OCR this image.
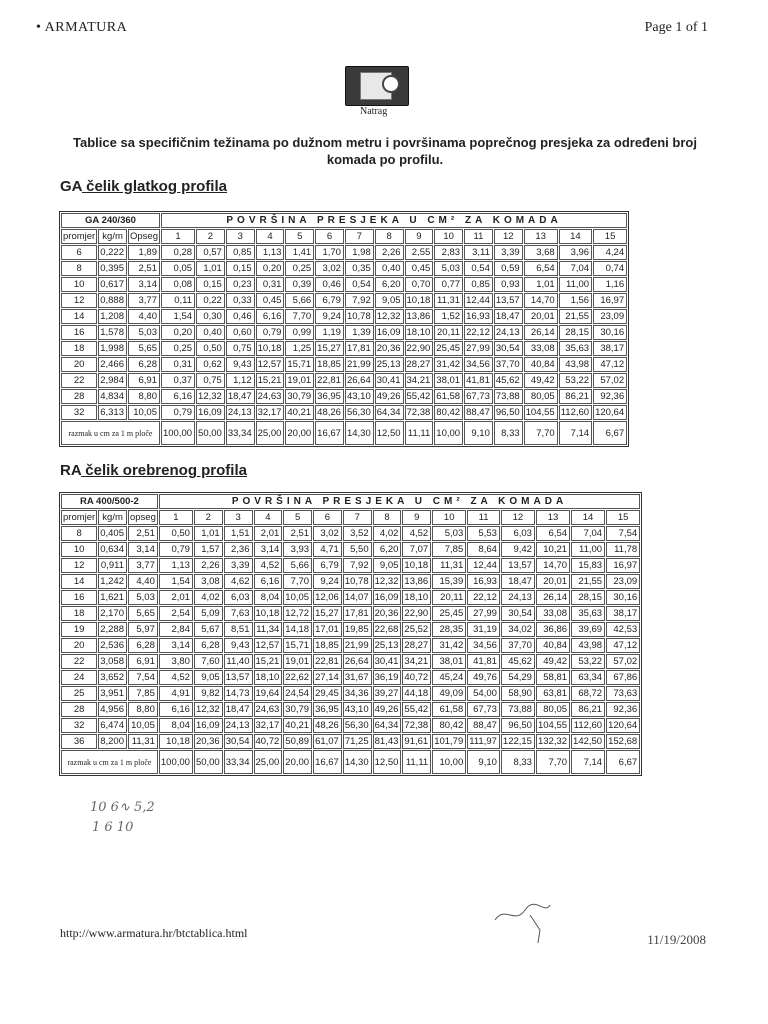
• ARMATURA	Page 1 of 1
Natrag
Tablice sa specifičnim težinama po dužnom metru i površinama poprečnog presjeka za određeni broj komada po profilu.
GA čelik glatkog profila
GA 240/360			POVRŠINA PRESJEKA U CM² ZA KOMADA														
promjer	kg/m	Opseg	1	2	3	4	5	6	7	8	9	10	11	12	13	14	15
6	0,222	1,89	0,28	0,57	0,85	1,13	1,41	1,70	1,98	2,26	2,55	2,83	3,11	3,39	3,68	3,96	4,24
8	0,395	2,51	0,05	1,01	0,15	0,20	0,25	3,02	0,35	0,40	0,45	5,03	0,54	0,59	6,54	7,04	0,74
10	0,617	3,14	0,08	0,15	0,23	0,31	0,39	0,46	0,54	6,20	0,70	0,77	0,85	0,93	1,01	11,00	1,16
12	0,888	3,77	0,11	0,22	0,33	0,45	5,66	6,79	7,92	9,05	10,18	11,31	12,44	13,57	14,70	1,56	16,97
14	1,208	4,40	1,54	0,30	0,46	6,16	7,70	9,24	10,78	12,32	13,86	1,52	16,93	18,47	20,01	21,55	23,09
16	1,578	5,03	0,20	0,40	0,60	0,79	0,99	1,19	1,39	16,09	18,10	20,11	22,12	24,13	26,14	28,15	30,16
18	1,998	5,65	0,25	0,50	0,75	10,18	1,25	15,27	17,81	20,36	22,90	25,45	27,99	30,54	33,08	35,63	38,17
20	2,466	6,28	0,31	0,62	9,43	12,57	15,71	18,85	21,99	25,13	28,27	31,42	34,56	37,70	40,84	43,98	47,12
22	2,984	6,91	0,37	0,75	1,12	15,21	19,01	22,81	26,64	30,41	34,21	38,01	41,81	45,62	49,42	53,22	57,02
28	4,834	8,80	6,16	12,32	18,47	24,63	30,79	36,95	43,10	49,26	55,42	61,58	67,73	73,88	80,05	86,21	92,36
32	6,313	10,05	0,79	16,09	24,13	32,17	40,21	48,26	56,30	64,34	72,38	80,42	88,47	96,50	104,55	112,60	120,64
razmak u cm za 1 m ploče			100,00	50,00	33,34	25,00	20,00	16,67	14,30	12,50	11,11	10,00	9,10	8,33	7,70	7,14	6,67
RA čelik orebrenog profila
RA 400/500-2			POVRŠINA PRESJEKA U CM² ZA KOMADA														
promjer	kg/m	opseg	1	2	3	4	5	6	7	8	9	10	11	12	13	14	15
8	0,405	2,51	0,50	1,01	1,51	2,01	2,51	3,02	3,52	4,02	4,52	5,03	5,53	6,03	6,54	7,04	7,54
10	0,634	3,14	0,79	1,57	2,36	3,14	3,93	4,71	5,50	6,20	7,07	7,85	8,64	9,42	10,21	11,00	11,78
12	0,911	3,77	1,13	2,26	3,39	4,52	5,66	6,79	7,92	9,05	10,18	11,31	12,44	13,57	14,70	15,83	16,97
14	1,242	4,40	1,54	3,08	4,62	6,16	7,70	9,24	10,78	12,32	13,86	15,39	16,93	18,47	20,01	21,55	23,09
16	1,621	5,03	2,01	4,02	6,03	8,04	10,05	12,06	14,07	16,09	18,10	20,11	22,12	24,13	26,14	28,15	30,16
18	2,170	5,65	2,54	5,09	7,63	10,18	12,72	15,27	17,81	20,36	22,90	25,45	27,99	30,54	33,08	35,63	38,17
19	2,288	5,97	2,84	5,67	8,51	11,34	14,18	17,01	19,85	22,68	25,52	28,35	31,19	34,02	36,86	39,69	42,53
20	2,536	6,28	3,14	6,28	9,43	12,57	15,71	18,85	21,99	25,13	28,27	31,42	34,56	37,70	40,84	43,98	47,12
22	3,058	6,91	3,80	7,60	11,40	15,21	19,01	22,81	26,64	30,41	34,21	38,01	41,81	45,62	49,42	53,22	57,02
24	3,652	7,54	4,52	9,05	13,57	18,10	22,62	27,14	31,67	36,19	40,72	45,24	49,76	54,29	58,81	63,34	67,86
25	3,951	7,85	4,91	9,82	14,73	19,64	24,54	29,45	34,36	39,27	44,18	49,09	54,00	58,90	63,81	68,72	73,63
28	4,956	8,80	6,16	12,32	18,47	24,63	30,79	36,95	43,10	49,26	55,42	61,58	67,73	73,88	80,05	86,21	92,36
32	6,474	10,05	8,04	16,09	24,13	32,17	40,21	48,26	56,30	64,34	72,38	80,42	88,47	96,50	104,55	112,60	120,64
36	8,200	11,31	10,18	20,36	30,54	40,72	50,89	61,07	71,25	81,43	91,61	101,79	111,97	122,15	132,32	142,50	152,68
razmak u cm za 1 m ploče			100,00	50,00	33,34	25,00	20,00	16,67	14,30	12,50	11,11	10,00	9,10	8,33	7,70	7,14	6,67
10 6∿ 5,2
1 6 10
http://www.armatura.hr/btctablica.html	11/19/2008
